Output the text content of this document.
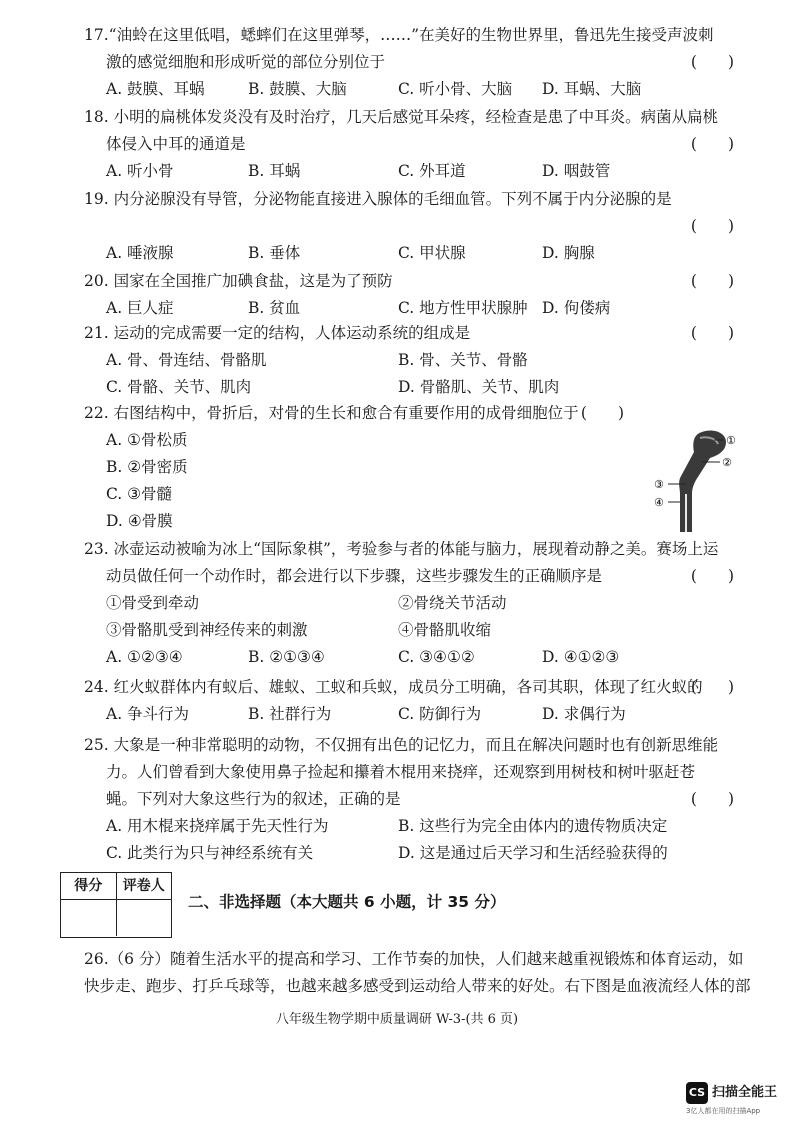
17.“油蛉在这里低唱，蟋蟀们在这里弹琴，……”在美好的生物世界里，鲁迅先生接受声波刺
激的感觉细胞和形成听觉的部位分别位于	(　　)
A. 鼓膜、耳蜗	B. 鼓膜、大脑	C. 听小骨、大脑 D. 耳蜗、大脑
18. 小明的扁桃体发炎没有及时治疗，几天后感觉耳朵疼，经检查是患了中耳炎。病菌从扁桃
体侵入中耳的通道是	(　　)
A. 听小骨	B. 耳蜗	C. 外耳道	D. 咽鼓管
19. 内分泌腺没有导管，分泌物能直接进入腺体的毛细血管。下列不属于内分泌腺的是
(　　)
A. 唾液腺	B. 垂体	C. 甲状腺	D. 胸腺
20. 国家在全国推广加碘食盐，这是为了预防	(　　)
A. 巨人症	B. 贫血	C. 地方性甲状腺肿 D. 佝偻病
21. 运动的完成需要一定的结构，人体运动系统的组成是	(　　)
A. 骨、骨连结、骨骼肌	B. 骨、关节、骨骼
C. 骨骼、关节、肌肉	D. 骨骼肌、关节、肌肉
22. 右图结构中，骨折后，对骨的生长和愈合有重要作用的成骨细胞位于 (　　)
A. ①骨松质
B. ②骨密质
C. ③骨髓
D. ④骨膜
①
②
③
④
23. 冰壶运动被喻为冰上“国际象棋”，考验参与者的体能与脑力，展现着动静之美。赛场上运
动员做任何一个动作时，都会进行以下步骤，这些步骤发生的正确顺序是	(　　)
①骨受到牵动	②骨绕关节活动
③骨骼肌受到神经传来的刺激	④骨骼肌收缩
A. ①②③④	B. ②①③④	C. ③④①②	D. ④①②③
24. 红火蚁群体内有蚁后、雄蚁、工蚁和兵蚁，成员分工明确，各司其职，体现了红火蚁的
(　　)
A. 争斗行为	B. 社群行为	C. 防御行为	D. 求偶行为
25. 大象是一种非常聪明的动物，不仅拥有出色的记忆力，而且在解决问题时也有创新思维能
力。人们曾看到大象使用鼻子捡起和攥着木棍用来挠痒，还观察到用树枝和树叶驱赶苍
蝇。下列对大象这些行为的叙述，正确的是	(　　)
A. 用木棍来挠痒属于先天性行为	B. 这些行为完全由体内的遗传物质决定
C. 此类行为只与神经系统有关	D. 这是通过后天学习和生活经验获得的
得分	评卷人
二、非选择题（本大题共 6 小题，计 35 分）
26.（6 分）随着生活水平的提高和学习、工作节奏的加快，人们越来越重视锻炼和体育运动，如
快步走、跑步、打乒乓球等，也越来越多感受到运动给人带来的好处。右下图是血液流经人体的部
八年级生物学期中质量调研 W-3-(共 6 页)
CS 扫描全能王
3亿人都在用的扫描App
